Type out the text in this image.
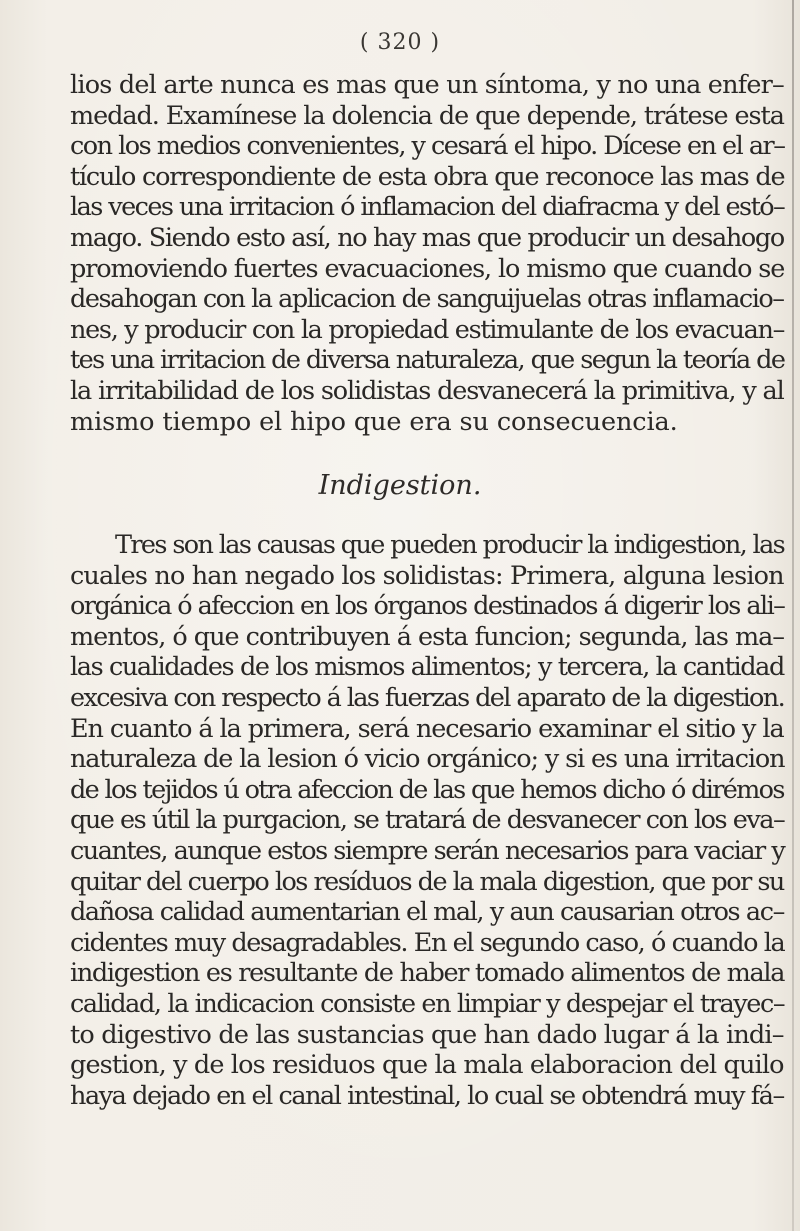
( 320 )
lios del arte nunca es mas que un síntoma, y no una enfer–
medad. Examínese la dolencia de que depende, trátese esta
con los medios convenientes, y cesará el hipo. Dícese en el ar–
tículo correspondiente de esta obra que reconoce las mas de
las veces una irritacion ó inflamacion del diafracma y del estó–
mago. Siendo esto así, no hay mas que producir un desahogo
promoviendo fuertes evacuaciones, lo mismo que cuando se
desahogan con la aplicacion de sanguijuelas otras inflamacio–
nes, y producir con la propiedad estimulante de los evacuan–
tes una irritacion de diversa naturaleza, que segun la teoría de
la irritabilidad de los solidistas desvanecerá la primitiva, y al
mismo tiempo el hipo que era su consecuencia.
Indigestion.
Tres son las causas que pueden producir la indigestion, las
cuales no han negado los solidistas: Primera, alguna lesion
orgánica ó afeccion en los órganos destinados á digerir los ali–
mentos, ó que contribuyen á esta funcion; segunda, las ma–
las cualidades de los mismos alimentos; y tercera, la cantidad
excesiva con respecto á las fuerzas del aparato de la digestion.
En cuanto á la primera, será necesario examinar el sitio y la
naturaleza de la lesion ó vicio orgánico; y si es una irritacion
de los tejidos ú otra afeccion de las que hemos dicho ó dirémos
que es útil la purgacion, se tratará de desvanecer con los eva–
cuantes, aunque estos siempre serán necesarios para vaciar y
quitar del cuerpo los resíduos de la mala digestion, que por su
dañosa calidad aumentarian el mal, y aun causarian otros ac–
cidentes muy desagradables. En el segundo caso, ó cuando la
indigestion es resultante de haber tomado alimentos de mala
calidad, la indicacion consiste en limpiar y despejar el trayec–
to digestivo de las sustancias que han dado lugar á la indi–
gestion, y de los residuos que la mala elaboracion del quilo
haya dejado en el canal intestinal, lo cual se obtendrá muy fá–
